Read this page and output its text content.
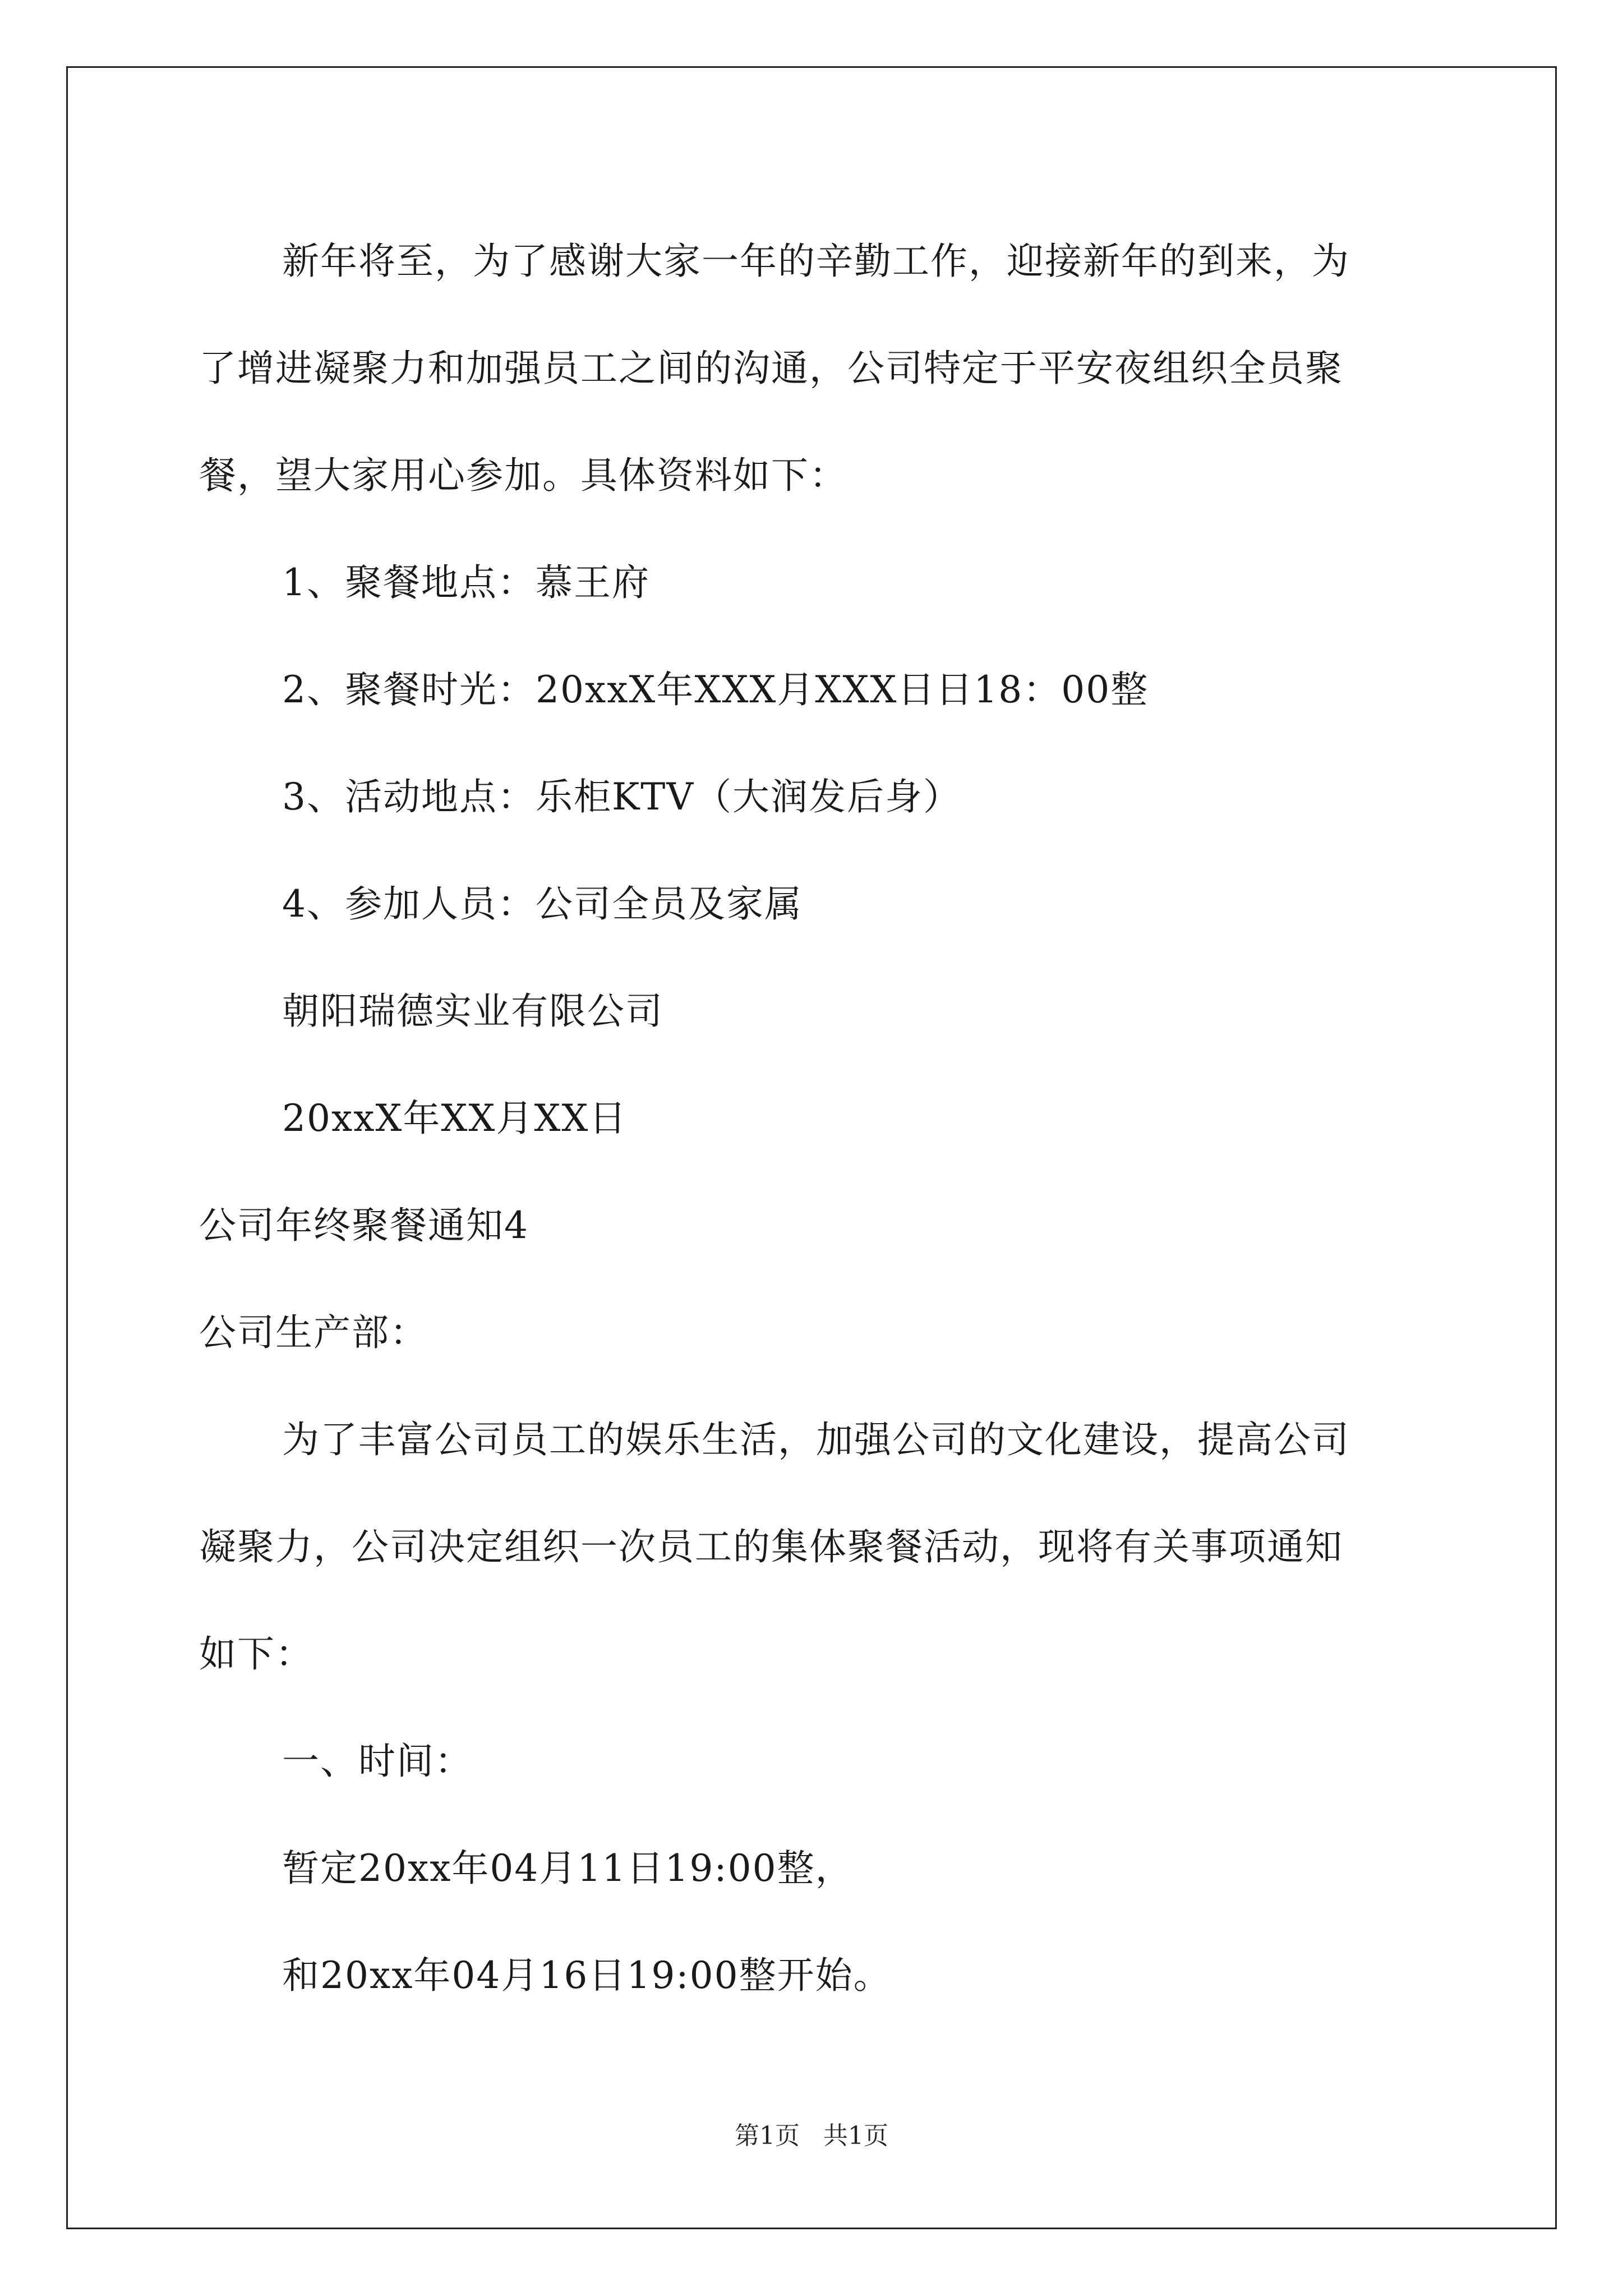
新年将至，为了感谢大家一年的辛勤工作，迎接新年的到来，为
了增进凝聚力和加强员工之间的沟通，公司特定于平安夜组织全员聚
餐，望大家用心参加。具体资料如下：
1、聚餐地点：慕王府
2、聚餐时光：20xxX年XXX月XXX日日18：00整
3、活动地点：乐柜KTV（大润发后身）
4、参加人员：公司全员及家属
朝阳瑞德实业有限公司
20xxX年XX月XX日
公司年终聚餐通知4
公司生产部：
为了丰富公司员工的娱乐生活，加强公司的文化建设，提高公司
凝聚力，公司决定组织一次员工的集体聚餐活动，现将有关事项通知
如下：
一、时间：
暂定20xx年04月11日19:00整，
和20xx年04月16日19:00整开始。
第1页 共1页
